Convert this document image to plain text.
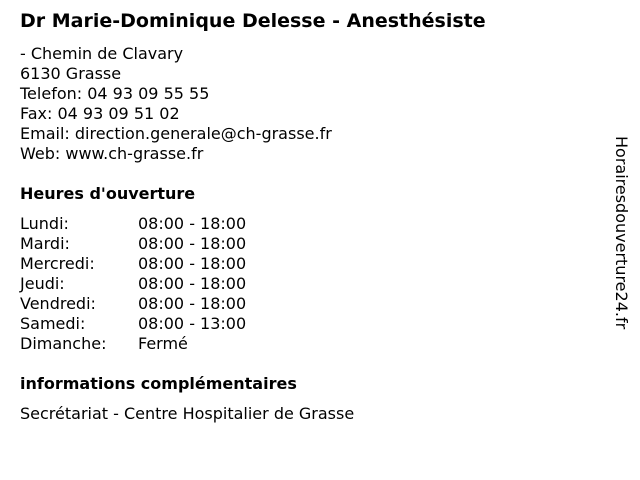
Dr Marie-Dominique Delesse - Anesthésiste
- Chemin de Clavary
6130 Grasse
Telefon: 04 93 09 55 55
Fax: 04 93 09 51 02
Email: direction.generale@ch-grasse.fr
Web: www.ch-grasse.fr
Heures d'ouverture
Lundi:	08:00 - 18:00
Mardi:	08:00 - 18:00
Mercredi:	08:00 - 18:00
Jeudi:	08:00 - 18:00
Vendredi:	08:00 - 18:00
Samedi:	08:00 - 13:00
Dimanche:	Fermé
informations complémentaires
Secrétariat - Centre Hospitalier de Grasse
Horairesdouverture24.fr
